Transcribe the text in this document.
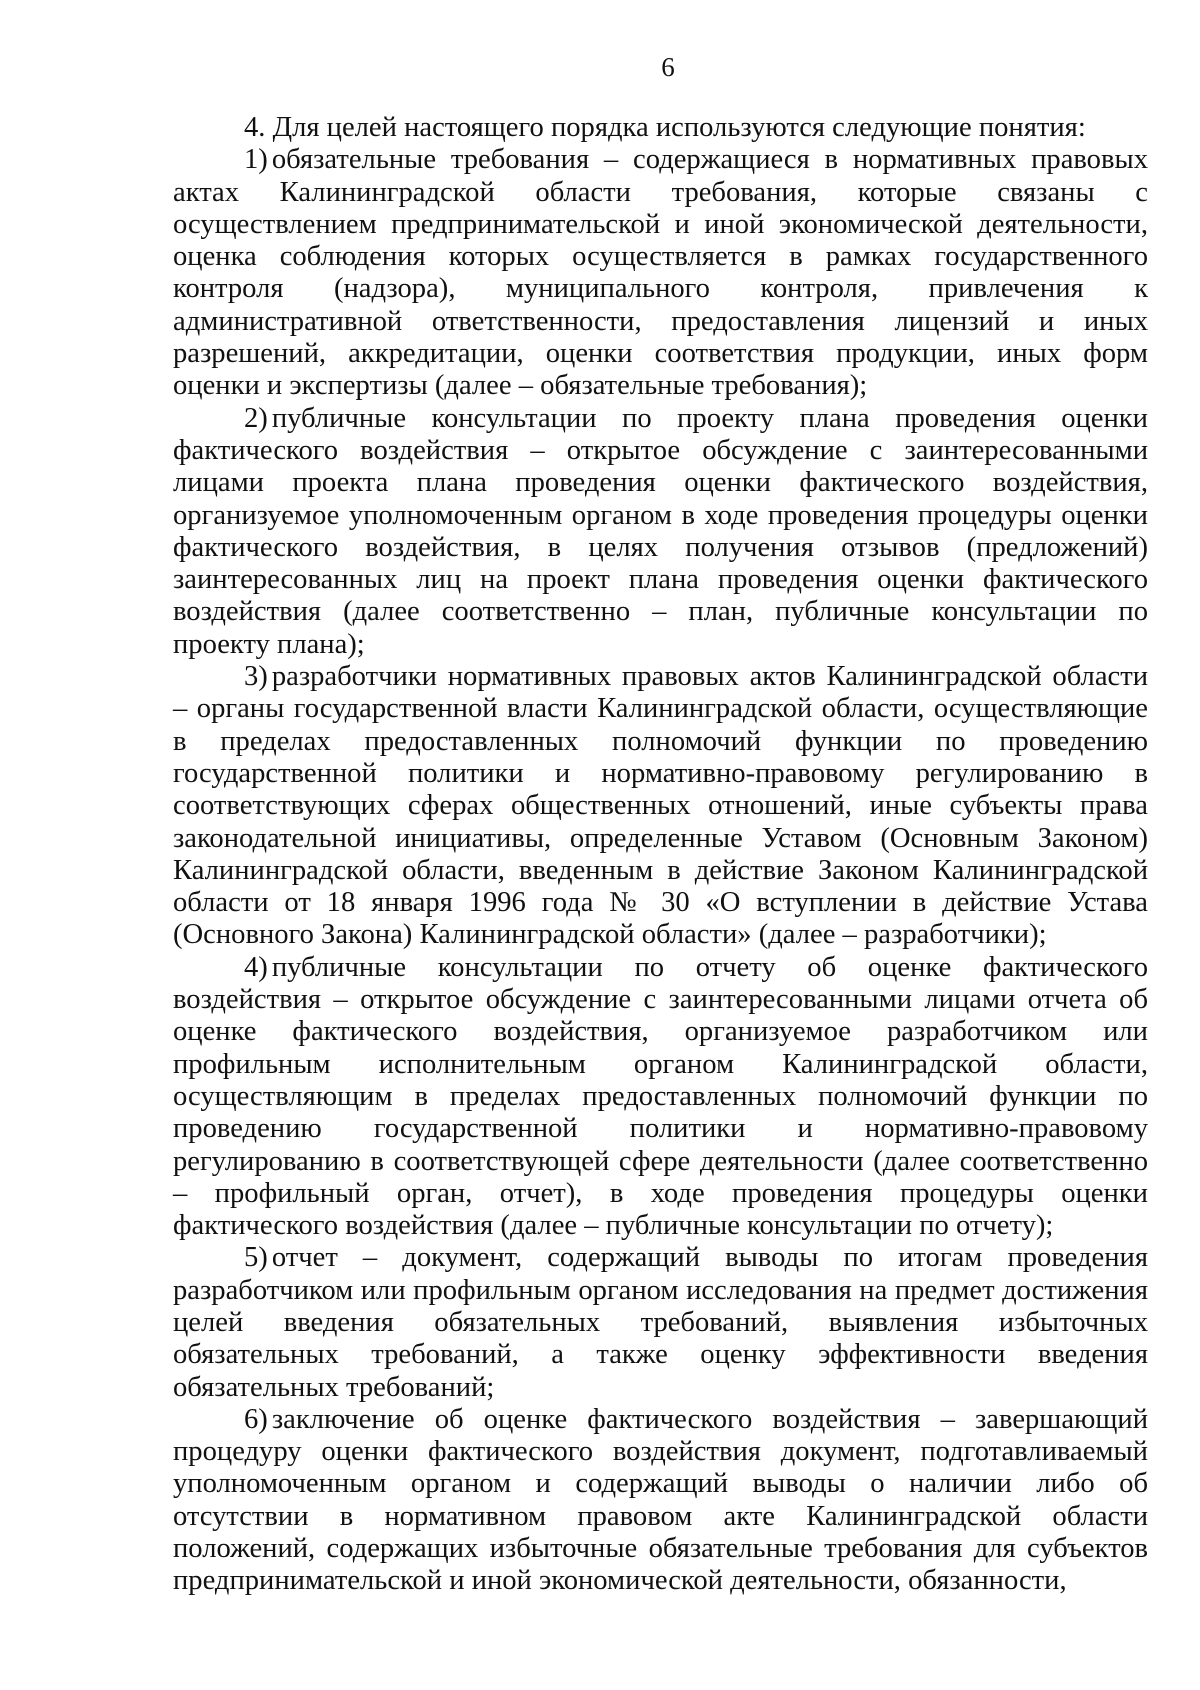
6

4. Для целей настоящего порядка используются следующие понятия:

1) обязательные требования – содержащиеся в нормативных правовых актах Калининградской области требования, которые связаны с осуществлением предпринимательской и иной экономической деятельности, оценка соблюдения которых осуществляется в рамках государственного контроля (надзора), муниципального контроля, привлечения к административной ответственности, предоставления лицензий и иных разрешений, аккредитации, оценки соответствия продукции, иных форм оценки и экспертизы (далее – обязательные требования);

2) публичные консультации по проекту плана проведения оценки фактического воздействия – открытое обсуждение с заинтересованными лицами проекта плана проведения оценки фактического воздействия, организуемое уполномоченным органом в ходе проведения процедуры оценки фактического воздействия, в целях получения отзывов (предложений) заинтересованных лиц на проект плана проведения оценки фактического воздействия (далее соответственно – план, публичные консультации по проекту плана);

3) разработчики нормативных правовых актов Калининградской области – органы государственной власти Калининградской области, осуществляющие в пределах предоставленных полномочий функции по проведению государственной политики и нормативно-правовому регулированию в соответствующих сферах общественных отношений, иные субъекты права законодательной инициативы, определенные Уставом (Основным Законом) Калининградской области, введенным в действие Законом Калининградской области от 18 января 1996 года № 30 «О вступлении в действие Устава (Основного Закона) Калининградской области» (далее – разработчики);

4) публичные консультации по отчету об оценке фактического воздействия – открытое обсуждение с заинтересованными лицами отчета об оценке фактического воздействия, организуемое разработчиком или профильным исполнительным органом Калининградской области, осуществляющим в пределах предоставленных полномочий функции по проведению государственной политики и нормативно-правовому регулированию в соответствующей сфере деятельности (далее соответственно – профильный орган, отчет), в ходе проведения процедуры оценки фактического воздействия (далее – публичные консультации по отчету);

5) отчет – документ, содержащий выводы по итогам проведения разработчиком или профильным органом исследования на предмет достижения целей введения обязательных требований, выявления избыточных обязательных требований, а также оценку эффективности введения обязательных требований;

6) заключение об оценке фактического воздействия – завершающий процедуру оценки фактического воздействия документ, подготавливаемый уполномоченным органом и содержащий выводы о наличии либо об отсутствии в нормативном правовом акте Калининградской области положений, содержащих избыточные обязательные требования для субъектов предпринимательской и иной экономической деятельности, обязанности,
